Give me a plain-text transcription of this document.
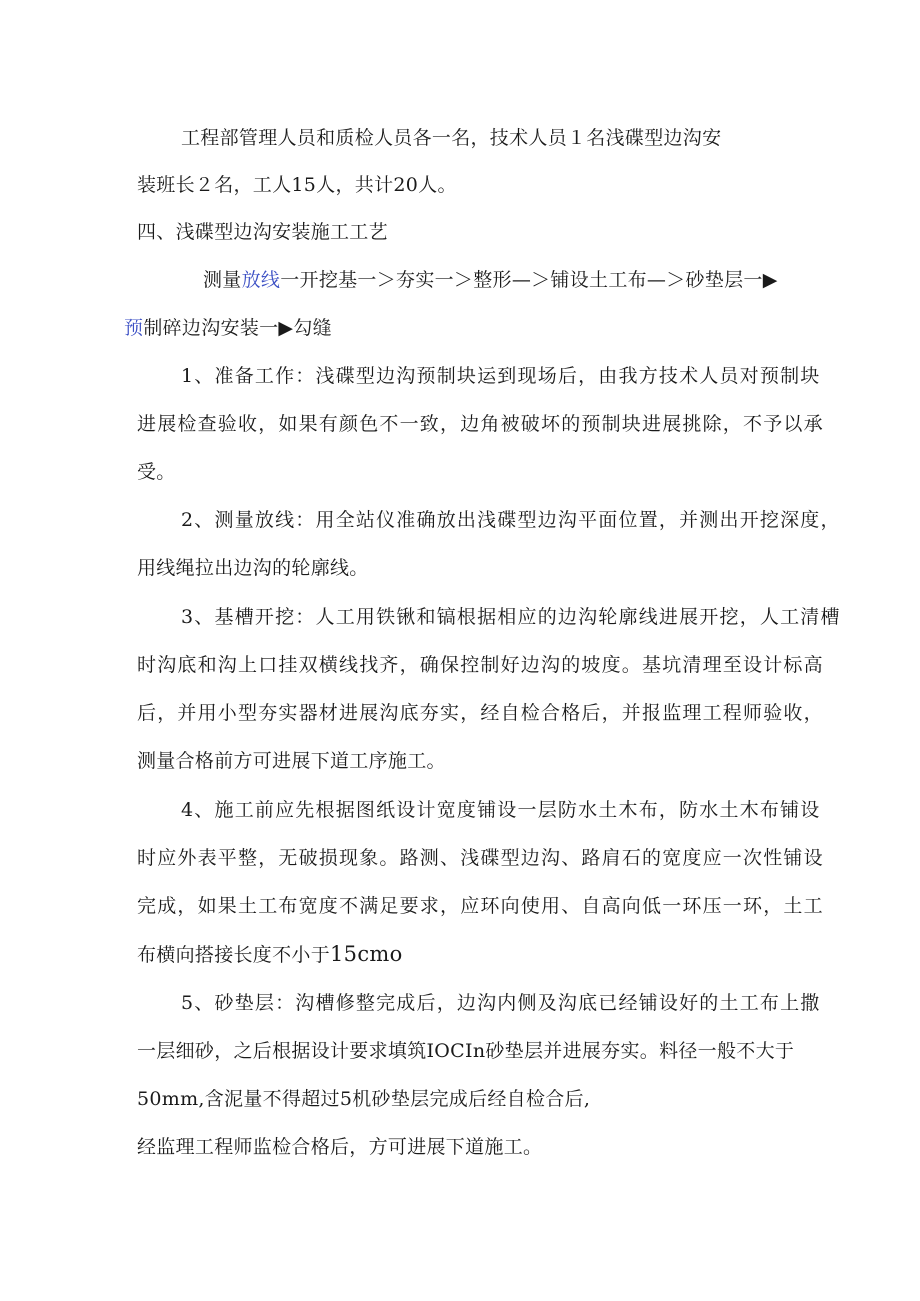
工程部管理人员和质检人员各一名，技术人员１名浅碟型边沟安
装班长２名，工人15人，共计20人。
四、浅碟型边沟安装施工工艺
测量放线一开挖基一＞夯实一＞整形—＞铺设土工布—＞砂垫层一▶
预制碎边沟安装一▶勾缝
1、准备工作：浅碟型边沟预制块运到现场后，由我方技术人员对预制块
进展检查验收，如果有颜色不一致，边角被破坏的预制块进展挑除，不予以承
受。
2、测量放线：用全站仪准确放出浅碟型边沟平面位置，并测出开挖深度，
用线绳拉出边沟的轮廓线。
3、基槽开挖：人工用铁锹和镐根据相应的边沟轮廓线进展开挖，人工清槽
时沟底和沟上口挂双横线找齐，确保控制好边沟的坡度。基坑清理至设计标高
后，并用小型夯实器材进展沟底夯实，经自检合格后，并报监理工程师验收，
测量合格前方可进展下道工序施工。
4、施工前应先根据图纸设计宽度铺设一层防水土木布，防水土木布铺设
时应外表平整，无破损现象。路测、浅碟型边沟、路肩石的宽度应一次性铺设
完成，如果土工布宽度不满足要求，应环向使用、自高向低一环压一环，土工
布横向搭接长度不小于15cmo
5、砂垫层：沟槽修整完成后，边沟内侧及沟底已经铺设好的土工布上撒
一层细砂，之后根据设计要求填筑IOCIn砂垫层并进展夯实。料径一般不大于
50mm,含泥量不得超过5机砂垫层完成后经自检合后,
经监理工程师监检合格后，方可进展下道施工。
